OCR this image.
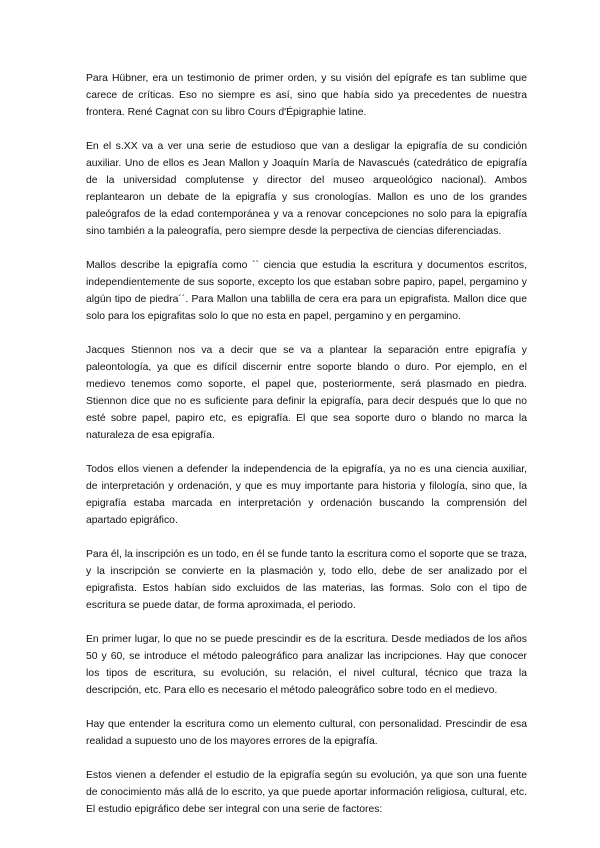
Para Hübner, era un testimonio de primer orden, y su visión del epígrafe es tan sublime que carece de críticas. Eso no siempre es así, sino que había sido ya precedentes de nuestra frontera. René Cagnat con su libro Cours d'Épigraphie latine.

En el s.XX va a ver una serie de estudioso que van a desligar la epigrafía de su condición auxiliar. Uno de ellos es Jean Mallon y Joaquín María de Navascués (catedrático de epigrafía de la universidad complutense y director del museo arqueológico nacional). Ambos replantearon un debate de la epigrafía y sus cronologías. Mallon es uno de los grandes paleógrafos de la edad contemporánea y va a renovar concepciones no solo para la epigrafía sino también a la paleografía, pero siempre desde la perpectiva de ciencias diferenciadas.

Mallos describe la epigrafía como `` ciencia que estudia la escritura y documentos escritos, independientemente de sus soporte, excepto los que estaban sobre papiro, papel, pergamino y algún tipo de piedra´´. Para Mallon una tablilla de cera era para un epigrafista. Mallon dice que solo para los epigrafitas solo lo que no esta en papel, pergamino y en pergamino.

Jacques Stiennon nos va a decir que se va a plantear la separación entre epigrafía y paleontología, ya que es difícil discernir entre soporte blando o duro. Por ejemplo, en el medievo tenemos como soporte, el papel que, posteriormente, será plasmado en piedra. Stiennon dice que no es suficiente para definir la epigrafía, para decir después que lo que no esté sobre papel, papiro etc, es epigrafía. El que sea soporte duro o blando no marca la naturaleza de esa epigrafía.

Todos ellos vienen a defender la independencia de la epigrafía, ya no es una ciencia auxiliar, de interpretación y ordenación, y que es muy importante para historia y filología, sino que, la epigrafía estaba marcada en interpretación y ordenación buscando la comprensión del apartado epigráfico.

Para él, la inscripción es un todo, en él se funde tanto la escritura como el soporte que se traza, y la inscripción se convierte en la plasmación y, todo ello, debe de ser analizado por el epigrafista. Estos habían sido excluidos de las materias, las formas. Solo con el tipo de escritura se puede datar, de forma aproximada, el periodo.

En primer lugar, lo que no se puede prescindir es de la escritura. Desde mediados de los años 50 y 60, se introduce el método paleográfico para analizar las incripciones. Hay que conocer los tipos de escritura, su evolución, su relación, el nivel cultural, técnico que traza la descripción, etc. Para ello es necesario el método paleográfico sobre todo en el medievo.

Hay que entender la escritura como un elemento cultural, con personalidad. Prescindir de esa realidad a supuesto uno de los mayores errores de la epigrafía.

Estos vienen a defender el estudio de la epigrafía según su evolución, ya que son una fuente de conocimiento más allá de lo escrito, ya que puede aportar información religiosa, cultural, etc. El estudio epigráfico debe ser integral con una serie de factores:
